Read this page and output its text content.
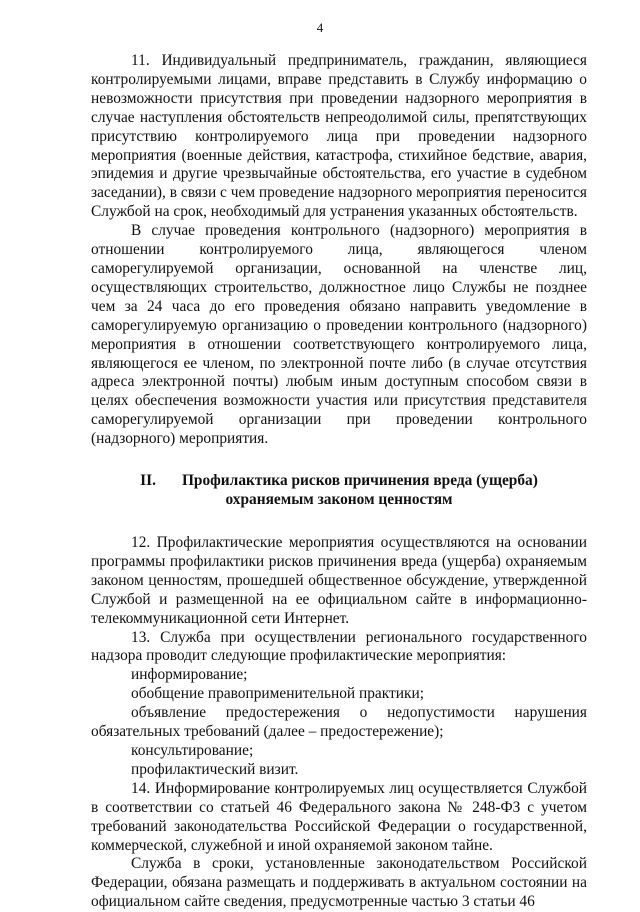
4

11. Индивидуальный предприниматель, гражданин, являющиеся контролируемыми лицами, вправе представить в Службу информацию о невозможности присутствия при проведении надзорного мероприятия в случае наступления обстоятельств непреодолимой силы, препятствующих присутствию контролируемого лица при проведении надзорного мероприятия (военные действия, катастрофа, стихийное бедствие, авария, эпидемия и другие чрезвычайные обстоятельства, его участие в судебном заседании), в связи с чем проведение надзорного мероприятия переносится Службой на срок, необходимый для устранения указанных обстоятельств.

В случае проведения контрольного (надзорного) мероприятия в отношении контролируемого лица, являющегося членом саморегулируемой организации, основанной на членстве лиц, осуществляющих строительство, должностное лицо Службы не позднее чем за 24 часа до его проведения обязано направить уведомление в саморегулируемую организацию о проведении контрольного (надзорного) мероприятия в отношении соответствующего контролируемого лица, являющегося ее членом, по электронной почте либо (в случае отсутствия адреса электронной почты) любым иным доступным способом связи в целях обеспечения возможности участия или присутствия представителя саморегулируемой организации при проведении контрольного (надзорного) мероприятия.

II. Профилактика рисков причинения вреда (ущерба)
охраняемым законом ценностям

12. Профилактические мероприятия осуществляются на основании программы профилактики рисков причинения вреда (ущерба) охраняемым законом ценностям, прошедшей общественное обсуждение, утвержденной Службой и размещенной на ее официальном сайте в информационно-телекоммуникационной сети Интернет.

13. Служба при осуществлении регионального государственного надзора проводит следующие профилактические мероприятия:

информирование;

обобщение правоприменительной практики;

объявление предостережения о недопустимости нарушения обязательных требований (далее – предостережение);

консультирование;

профилактический визит.

14. Информирование контролируемых лиц осуществляется Службой в соответствии со статьей 46 Федерального закона № 248-ФЗ с учетом требований законодательства Российской Федерации о государственной, коммерческой, служебной и иной охраняемой законом тайне.

Служба в сроки, установленные законодательством Российской Федерации, обязана размещать и поддерживать в актуальном состоянии на официальном сайте сведения, предусмотренные частью 3 статьи 46
